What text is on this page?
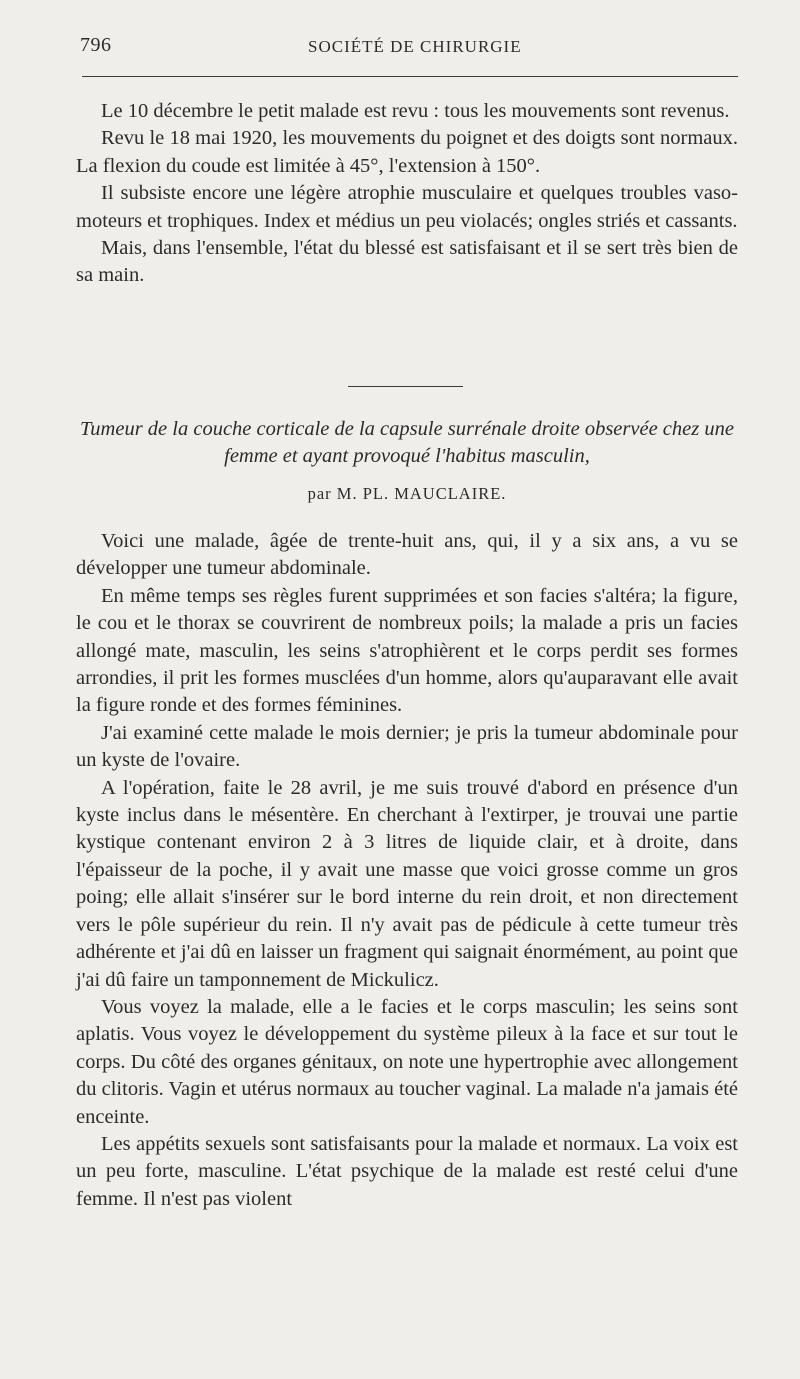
796	SOCIÉTÉ DE CHIRURGIE

Le 10 décembre le petit malade est revu : tous les mouvements sont revenus.

Revu le 18 mai 1920, les mouvements du poignet et des doigts sont normaux. La flexion du coude est limitée à 45°, l'extension à 150°.

Il subsiste encore une légère atrophie musculaire et quelques troubles vaso-moteurs et trophiques. Index et médius un peu violacés; ongles striés et cassants.

Mais, dans l'ensemble, l'état du blessé est satisfaisant et il se sert très bien de sa main.

Tumeur de la couche corticale de la capsule surrénale droite observée chez une femme et ayant provoqué l'habitus masculin,
par M. PL. MAUCLAIRE.

Voici une malade, âgée de trente-huit ans, qui, il y a six ans, a vu se développer une tumeur abdominale.

En même temps ses règles furent supprimées et son facies s'altéra; la figure, le cou et le thorax se couvrirent de nombreux poils; la malade a pris un facies allongé mate, masculin, les seins s'atrophièrent et le corps perdit ses formes arrondies, il prit les formes musclées d'un homme, alors qu'auparavant elle avait la figure ronde et des formes féminines.

J'ai examiné cette malade le mois dernier; je pris la tumeur abdominale pour un kyste de l'ovaire.

A l'opération, faite le 28 avril, je me suis trouvé d'abord en présence d'un kyste inclus dans le mésentère. En cherchant à l'extirper, je trouvai une partie kystique contenant environ 2 à 3 litres de liquide clair, et à droite, dans l'épaisseur de la poche, il y avait une masse que voici grosse comme un gros poing; elle allait s'insérer sur le bord interne du rein droit, et non directement vers le pôle supérieur du rein. Il n'y avait pas de pédicule à cette tumeur très adhérente et j'ai dû en laisser un fragment qui saignait énormément, au point que j'ai dû faire un tamponnement de Mickulicz.

Vous voyez la malade, elle a le facies et le corps masculin; les seins sont aplatis. Vous voyez le développement du système pileux à la face et sur tout le corps. Du côté des organes génitaux, on note une hypertrophie avec allongement du clitoris. Vagin et utérus normaux au toucher vaginal. La malade n'a jamais été enceinte.

Les appétits sexuels sont satisfaisants pour la malade et normaux. La voix est un peu forte, masculine. L'état psychique de la malade est resté celui d'une femme. Il n'est pas violent
